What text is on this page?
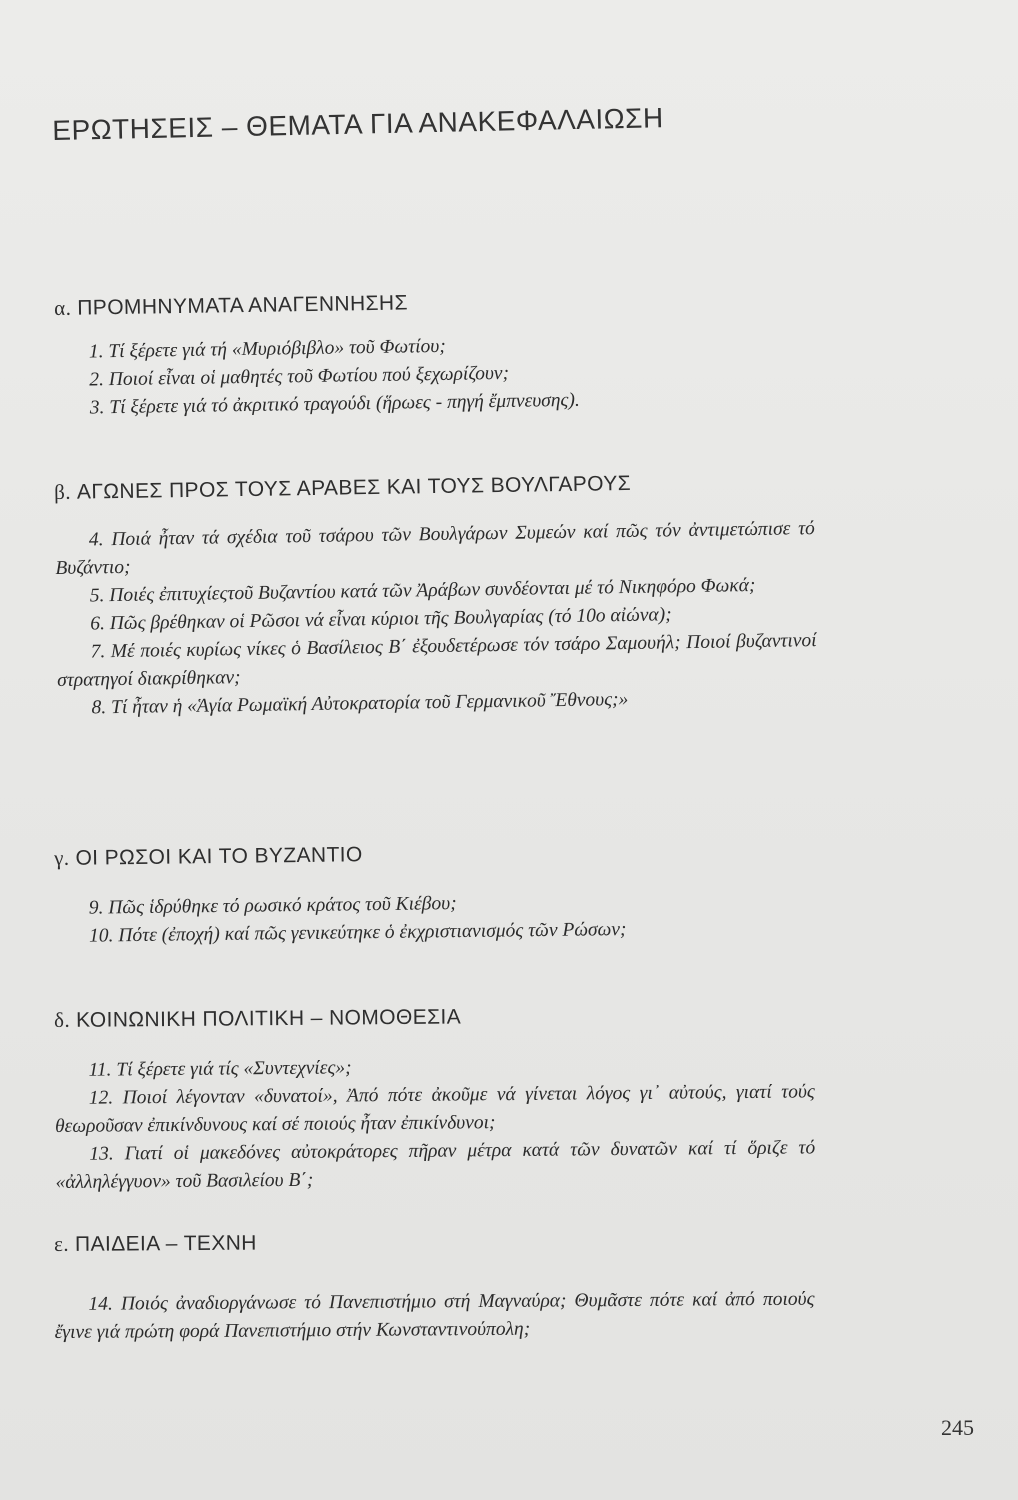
ΕΡΩΤΗΣΕΙΣ – ΘΕΜΑΤΑ ΓΙΑ ΑΝΑΚΕΦΑΛΑΙΩΣΗ
α. ΠΡΟΜΗΝΥΜΑΤΑ ΑΝΑΓΕΝΝΗΣΗΣ

1. Τί ξέρετε γιά τή «Μυριόβιβλο» τοῦ Φωτίου;

2. Ποιοί εἶναι οἱ μαθητές τοῦ Φωτίου πού ξεχωρίζουν;

3. Τί ξέρετε γιά τό ἀκριτικό τραγούδι (ἥρωες - πηγή ἔμπνευσης).

β. ΑΓΩΝΕΣ ΠΡΟΣ ΤΟΥΣ ΑΡΑΒΕΣ ΚΑΙ ΤΟΥΣ ΒΟΥΛΓΑΡΟΥΣ

4. Ποιά ἦταν τά σχέδια τοῦ τσάρου τῶν Βουλγάρων Συμεών καί πῶς τόν ἀντιμετώπισε τό Βυζάντιο;

5. Ποιές ἐπιτυχίεςτοῦ Βυζαντίου κατά τῶν Ἀράβων συνδέονται μέ τό Νικηφόρο Φωκά;

6. Πῶς βρέθηκαν οἱ Ρῶσοι νά εἶναι κύριοι τῆς Βουλγαρίας (τό 10ο αἰώνα);

7. Μέ ποιές κυρίως νίκες ὁ Βασίλειος Β΄ ἐξουδετέρωσε τόν τσάρο Σαμουήλ; Ποιοί βυζαντινοί στρατηγοί διακρίθηκαν;

8. Τί ἦταν ἡ «Ἁγία Ρωμαϊκή Αὐτοκρατορία τοῦ Γερμανικοῦ Ἔθνους;»

γ. ΟΙ ΡΩΣΟΙ ΚΑΙ ΤΟ ΒΥΖΑΝΤΙΟ

9. Πῶς ἱδρύθηκε τό ρωσικό κράτος τοῦ Κιέβου;

10. Πότε (ἐποχή) καί πῶς γενικεύτηκε ὁ ἐκχριστιανισμός τῶν Ρώσων;

δ. ΚΟΙΝΩΝΙΚΗ ΠΟΛΙΤΙΚΗ – ΝΟΜΟΘΕΣΙΑ

11. Τί ξέρετε γιά τίς «Συντεχνίες»;

12. Ποιοί λέγονταν «δυνατοί», Ἀπό πότε ἀκοῦμε νά γίνεται λόγος γι᾽ αὐτούς, γιατί τούς θεωροῦσαν ἐπικίνδυνους καί σέ ποιούς ἦταν ἐπικίνδυνοι;

13. Γιατί οἱ μακεδόνες αὐτοκράτορες πῆραν μέτρα κατά τῶν δυνατῶν καί τί ὅριζε τό «ἀλληλέγγυον» τοῦ Βασιλείου Β΄;

ε. ΠΑΙΔΕΙΑ – ΤΕΧΝΗ

14. Ποιός ἀναδιοργάνωσε τό Πανεπιστήμιο στή Μαγναύρα; Θυμᾶστε πότε καί ἀπό ποιούς ἔγινε γιά πρώτη φορά Πανεπιστήμιο στήν Κωνσταντινούπολη;

245
